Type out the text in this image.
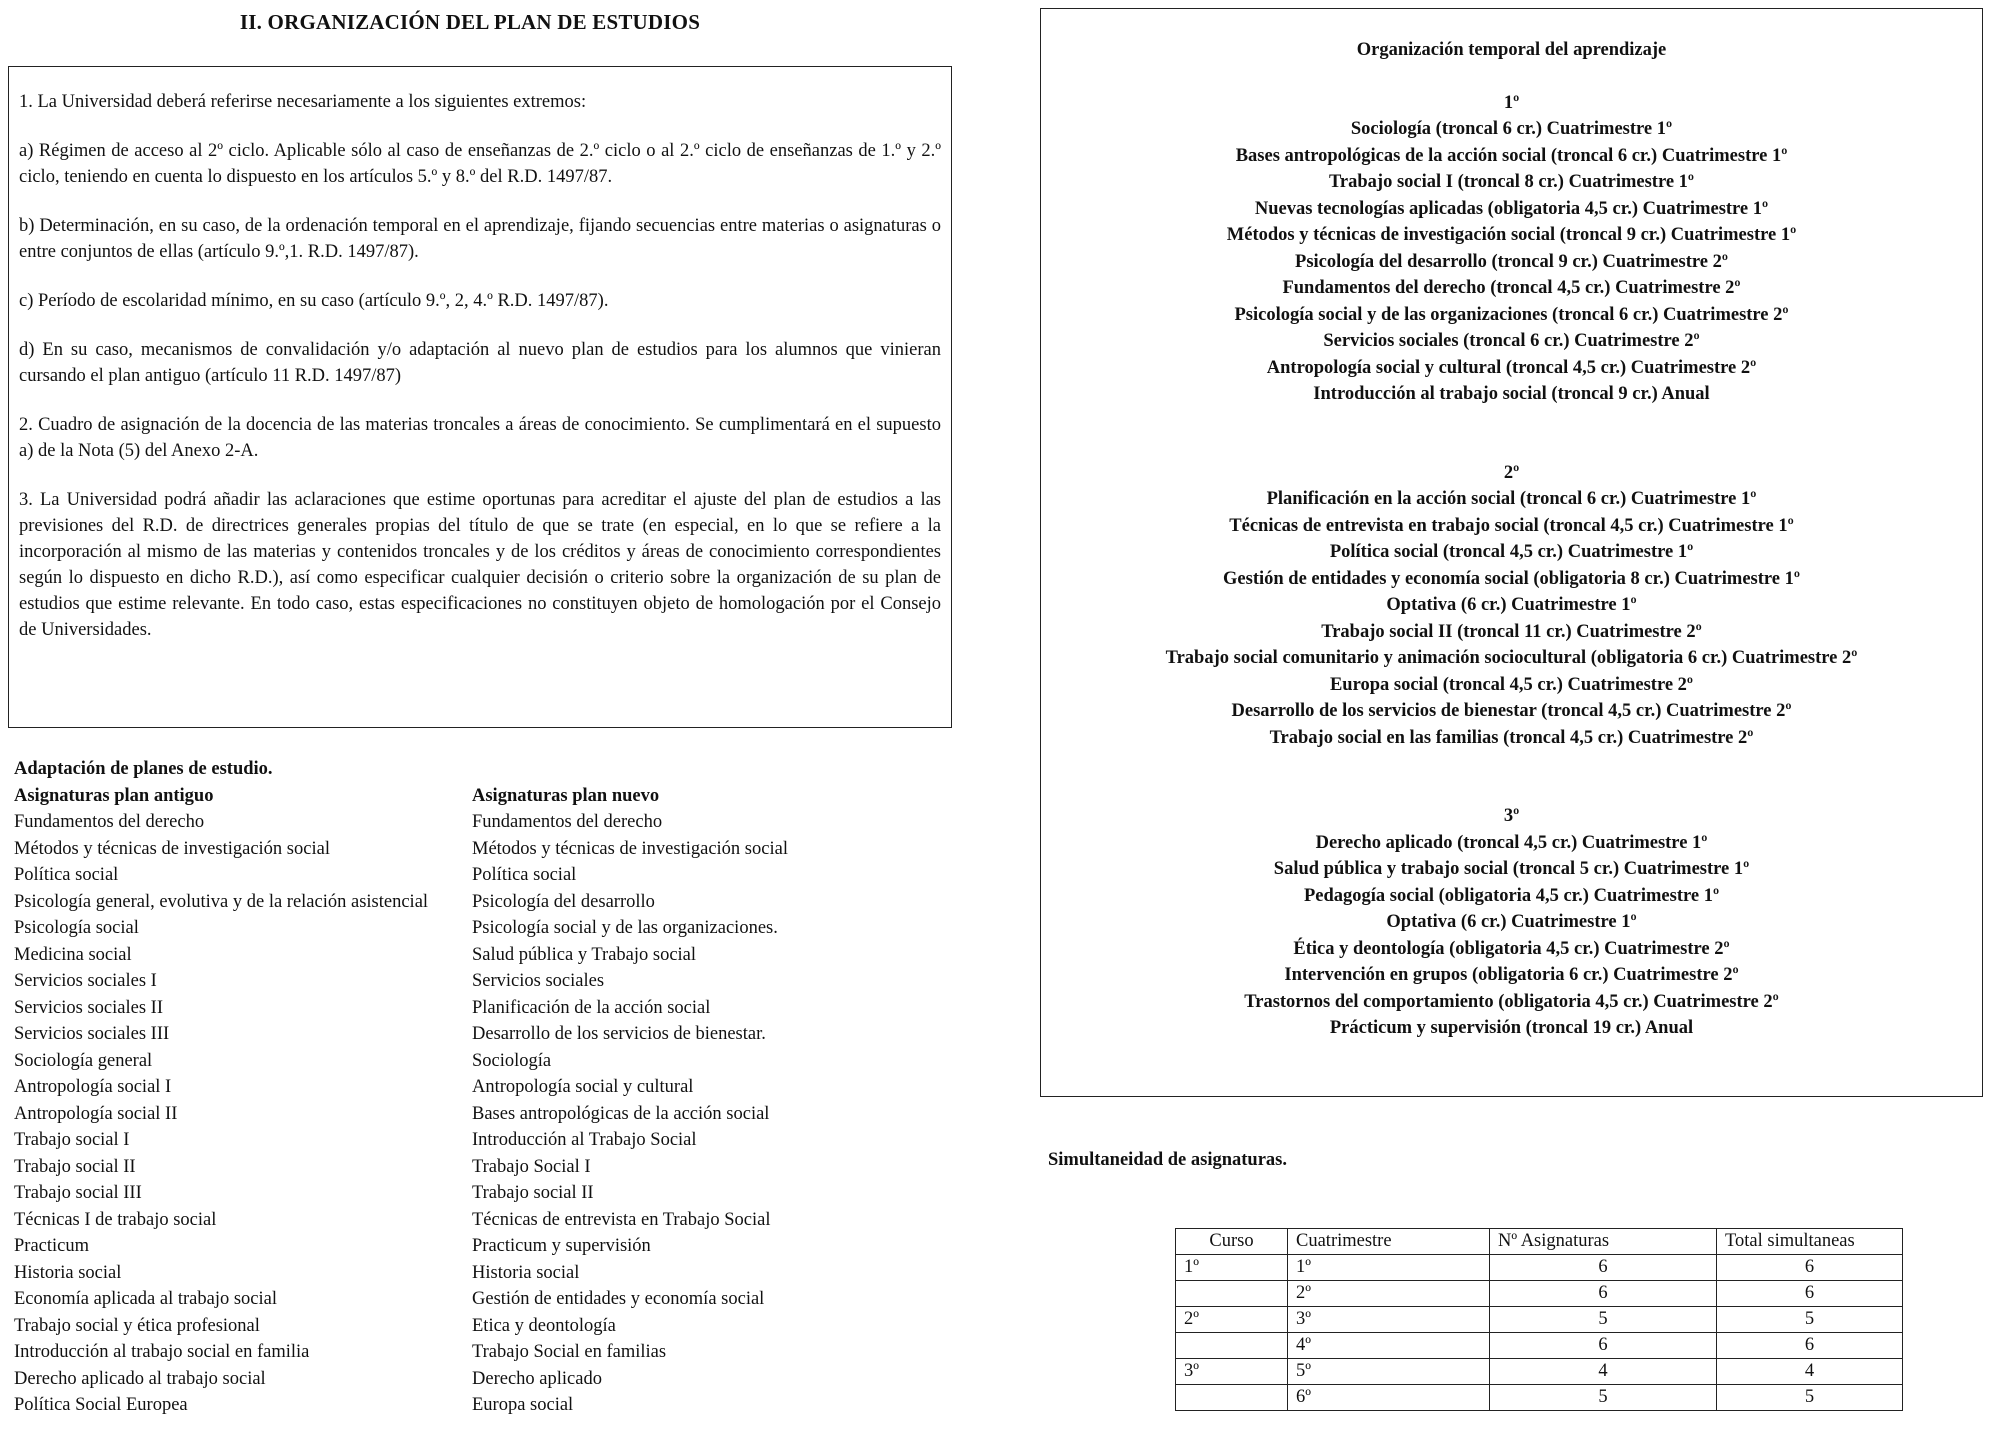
II. ORGANIZACIÓN DEL PLAN DE ESTUDIOS

1. La Universidad deberá referirse necesariamente a los siguientes extremos:

a) Régimen de acceso al 2º ciclo. Aplicable sólo al caso de enseñanzas de 2.º ciclo o al 2.º ciclo de enseñanzas de 1.º y 2.º ciclo, teniendo en cuenta lo dispuesto en los artículos 5.º y 8.º del R.D. 1497/87.

b) Determinación, en su caso, de la ordenación temporal en el aprendizaje, fijando secuencias entre materias o asignaturas o entre conjuntos de ellas (artículo 9.º,1. R.D. 1497/87).

c) Período de escolaridad mínimo, en su caso (artículo 9.º, 2, 4.º R.D. 1497/87).

d) En su caso, mecanismos de convalidación y/o adaptación al nuevo plan de estudios para los alumnos que vinieran cursando el plan antiguo (artículo 11 R.D. 1497/87)

2. Cuadro de asignación de la docencia de las materias troncales a áreas de conocimiento. Se cumplimentará en el supuesto a) de la Nota (5) del Anexo 2-A.

3. La Universidad podrá añadir las aclaraciones que estime oportunas para acreditar el ajuste del plan de estudios a las previsiones del R.D. de directrices generales propias del título de que se trate (en especial, en lo que se refiere a la incorporación al mismo de las materias y contenidos troncales y de los créditos y áreas de conocimiento correspondientes según lo dispuesto en dicho R.D.), así como especificar cualquier decisión o criterio sobre la organización de su plan de estudios que estime relevante. En todo caso, estas especificaciones no constituyen objeto de homologación por el Consejo de Universidades.

Adaptación de planes de estudio.
Asignaturas plan antiguo	Asignaturas plan nuevo
Fundamentos del derecho	Fundamentos del derecho
Métodos y técnicas de investigación social	Métodos y técnicas de investigación social
Política social	Política social
Psicología general, evolutiva y de la relación asistencial	Psicología del desarrollo
Psicología social	Psicología social y de las organizaciones.
Medicina social	Salud pública y Trabajo social
Servicios sociales I	Servicios sociales
Servicios sociales II	Planificación de la acción social
Servicios sociales III	Desarrollo de los servicios de bienestar.
Sociología general	Sociología
Antropología social I	Antropología social y cultural
Antropología social II	Bases antropológicas de la acción social
Trabajo social I	Introducción al Trabajo Social
Trabajo social II	Trabajo Social I
Trabajo social III	Trabajo social II
Técnicas I de trabajo social	Técnicas de entrevista en Trabajo Social
Practicum	Practicum y supervisión
Historia social	Historia social
Economía aplicada al trabajo social	Gestión de entidades y economía social
Trabajo social y ética profesional	Etica y deontología
Introducción al trabajo social en familia	Trabajo Social en familias
Derecho aplicado al trabajo social	Derecho aplicado
Política Social Europea	Europa social
Organización temporal del aprendizaje
1º
Sociología (troncal 6 cr.) Cuatrimestre 1º
Bases antropológicas de la acción social (troncal 6 cr.) Cuatrimestre 1º
Trabajo social I (troncal 8 cr.) Cuatrimestre 1º
Nuevas tecnologías aplicadas (obligatoria 4,5 cr.) Cuatrimestre 1º
Métodos y técnicas de investigación social (troncal 9 cr.) Cuatrimestre 1º
Psicología del desarrollo (troncal 9 cr.) Cuatrimestre 2º
Fundamentos del derecho (troncal 4,5 cr.) Cuatrimestre 2º
Psicología social y de las organizaciones (troncal 6 cr.) Cuatrimestre 2º
Servicios sociales (troncal 6 cr.) Cuatrimestre 2º
Antropología social y cultural (troncal 4,5 cr.) Cuatrimestre 2º
Introducción al trabajo social (troncal 9 cr.) Anual
2º
Planificación en la acción social (troncal 6 cr.) Cuatrimestre 1º
Técnicas de entrevista en trabajo social (troncal 4,5 cr.) Cuatrimestre 1º
Política social (troncal 4,5 cr.) Cuatrimestre 1º
Gestión de entidades y economía social (obligatoria 8 cr.) Cuatrimestre 1º
Optativa (6 cr.) Cuatrimestre 1º
Trabajo social II (troncal 11 cr.) Cuatrimestre 2º
Trabajo social comunitario y animación sociocultural (obligatoria 6 cr.) Cuatrimestre 2º
Europa social (troncal 4,5 cr.) Cuatrimestre 2º
Desarrollo de los servicios de bienestar (troncal 4,5 cr.) Cuatrimestre 2º
Trabajo social en las familias (troncal 4,5 cr.) Cuatrimestre 2º
3º
Derecho aplicado (troncal 4,5 cr.) Cuatrimestre 1º
Salud pública y trabajo social (troncal 5 cr.) Cuatrimestre 1º
Pedagogía social (obligatoria 4,5 cr.) Cuatrimestre 1º
Optativa (6 cr.) Cuatrimestre 1º
Ética y deontología (obligatoria 4,5 cr.) Cuatrimestre 2º
Intervención en grupos (obligatoria 6 cr.) Cuatrimestre 2º
Trastornos del comportamiento (obligatoria 4,5 cr.) Cuatrimestre 2º
Prácticum y supervisión (troncal 19 cr.) Anual
Simultaneidad de asignaturas.
Curso	Cuatrimestre	Nº Asignaturas	Total simultaneas
1º	1º	6	6
	2º	6	6
2º	3º	5	5
	4º	6	6
3º	5º	4	4
	6º	5	5
